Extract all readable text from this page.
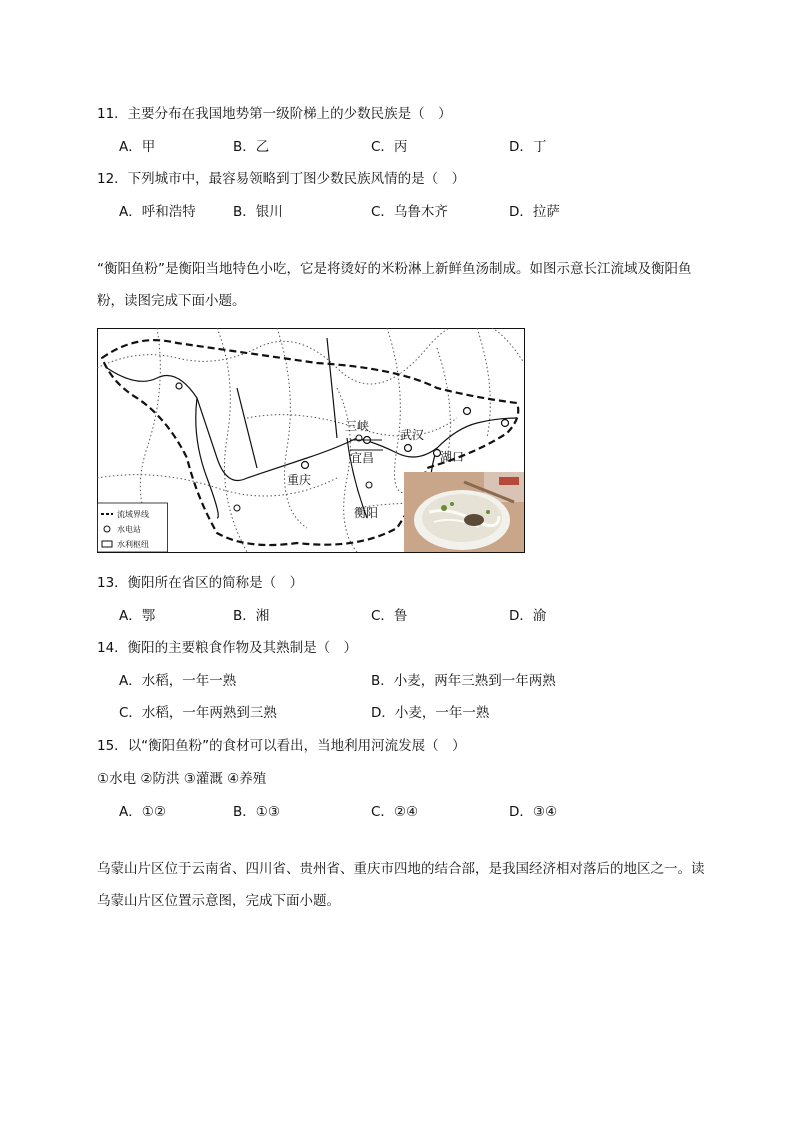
11．主要分布在我国地势第一级阶梯上的少数民族是（　）
A．甲	B．乙	C．丙	D．丁
12．下列城市中，最容易领略到丁图少数民族风情的是（　）
A．呼和浩特	B．银川	C．乌鲁木齐	D．拉萨
“衡阳鱼粉”是衡阳当地特色小吃，它是将烫好的米粉淋上新鲜鱼汤制成。如图示意长江流域及衡阳鱼粉，读图完成下面小题。
三峡
武汉
宜昌	湖口
重庆
衡阳
流域界线
水电站
水利枢纽
13．衡阳所在省区的简称是（　）
A．鄂	B．湘	C．鲁	D．渝
14．衡阳的主要粮食作物及其熟制是（　）
A．水稻，一年一熟	B．小麦，两年三熟到一年两熟
C．水稻，一年两熟到三熟	D．小麦，一年一熟
15．以“衡阳鱼粉”的食材可以看出，当地利用河流发展（　）
①水电 ②防洪 ③灌溉 ④养殖
A．①②	B．①③	C．②④	D．③④
乌蒙山片区位于云南省、四川省、贵州省、重庆市四地的结合部，是我国经济相对落后的地区之一。读乌蒙山片区位置示意图，完成下面小题。
